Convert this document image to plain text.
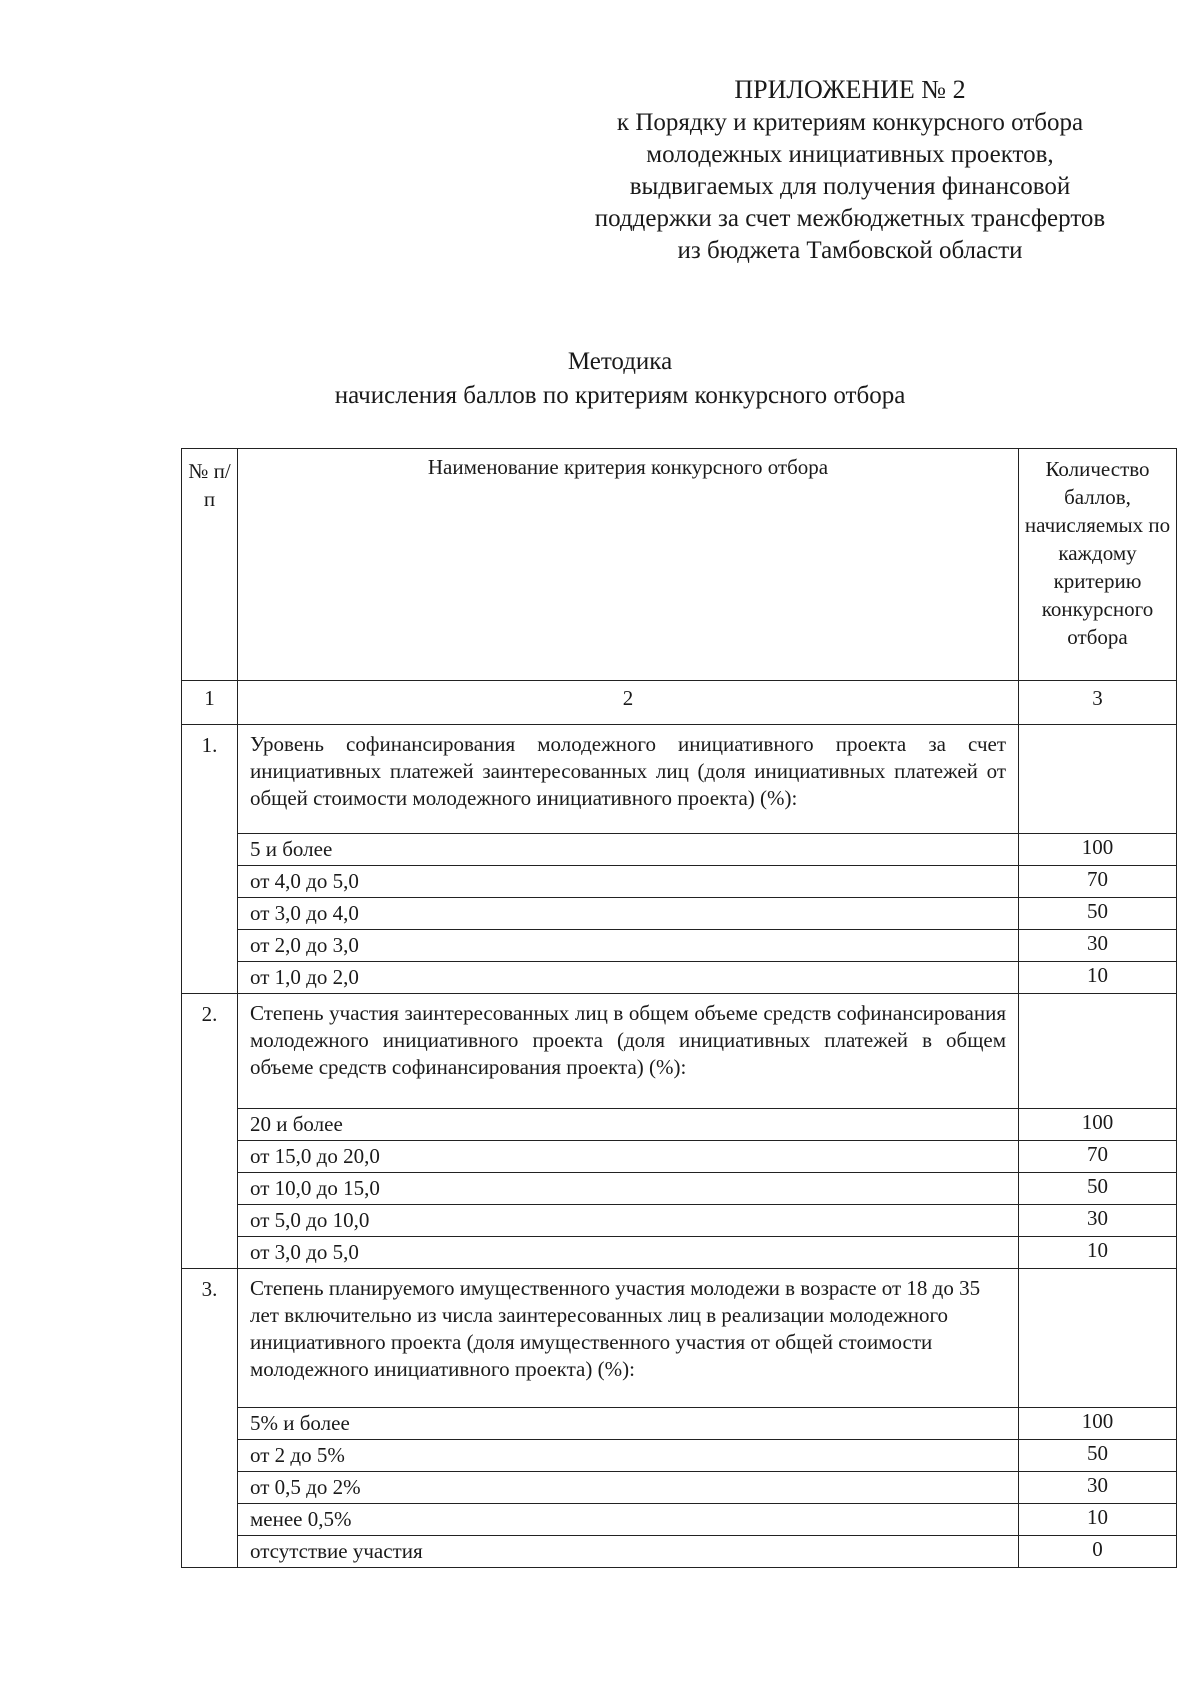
ПРИЛОЖЕНИЕ № 2
к Порядку и критериям конкурсного отбора
молодежных инициативных проектов,
выдвигаемых для получения финансовой
поддержки за счет межбюджетных трансфертов
из бюджета Тамбовской области
Методика
начисления баллов по критериям конкурсного отбора
№ п/п	Наименование критерия конкурсного отбора	Количество баллов, начисляемых по каждому критерию конкурсного отбора
1	2	3
1.	Уровень софинансирования молодежного инициативного проекта за счет инициативных платежей заинтересованных лиц (доля инициативных платежей от общей стоимости молодежного инициативного проекта) (%):	
	5 и более	100
	от 4,0 до 5,0	70
	от 3,0 до 4,0	50
	от 2,0 до 3,0	30
	от 1,0 до 2,0	10
2.	Степень участия заинтересованных лиц в общем объеме средств софинансирования молодежного инициативного проекта (доля инициативных платежей в общем объеме средств софинансирования проекта) (%):	
	20 и более	100
	от 15,0 до 20,0	70
	от 10,0 до 15,0	50
	от 5,0 до 10,0	30
	от 3,0 до 5,0	10
3.	Степень планируемого имущественного участия молодежи в возрасте от 18 до 35 лет включительно из числа заинтересованных лиц в реализации молодежного инициативного проекта (доля имущественного участия от общей стоимости молодежного инициативного проекта) (%):	
	5% и более	100
	от 2 до 5%	50
	от 0,5 до 2%	30
	менее 0,5%	10
	отсутствие участия	0
